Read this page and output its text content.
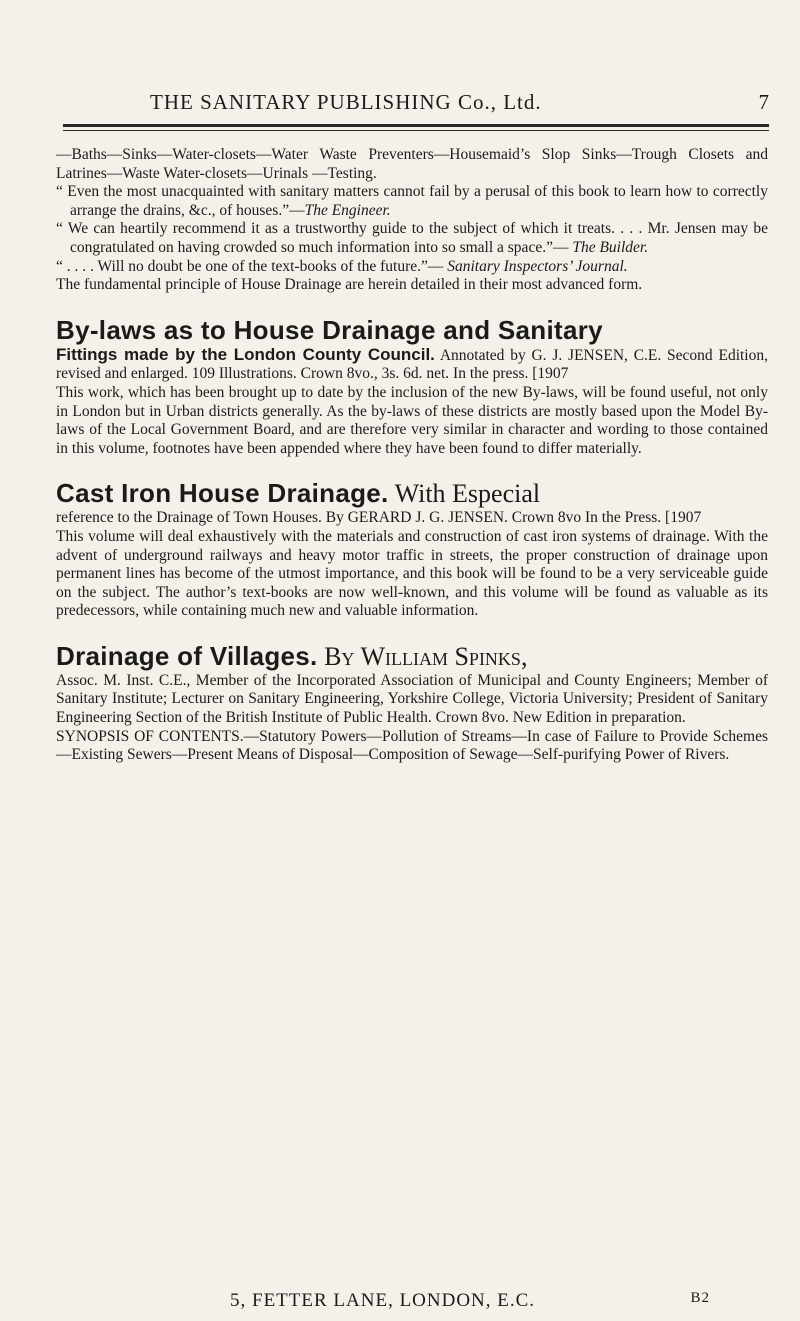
THE SANITARY PUBLISHING Co., Ltd.	7

—Baths—Sinks—Water-closets—Water Waste Preventers—Housemaid’s Slop Sinks—Trough Closets and Latrines—Waste Water-closets—Urinals —Testing.

“ Even the most unacquainted with sanitary matters cannot fail by a perusal of this book to learn how to correctly arrange the drains, &c., of houses.”—The Engineer.

“ We can heartily recommend it as a trustworthy guide to the subject of which it treats. . . . Mr. Jensen may be congratulated on having crowded so much information into so small a space.”— The Builder.

“ . . . . Will no doubt be one of the text-books of the future.”— Sanitary Inspectors’ Journal.

The fundamental principle of House Drainage are herein detailed in their most advanced form.

By-laws as to House Drainage and Sanitary

Fittings made by the London County Council. Annotated by G. J. JENSEN, C.E. Second Edition, revised and enlarged. 109 Illustrations. Crown 8vo., 3s. 6d. net. In the press. [1907

This work, which has been brought up to date by the inclusion of the new By-laws, will be found useful, not only in London but in Urban districts generally. As the by-laws of these districts are mostly based upon the Model By-laws of the Local Government Board, and are therefore very similar in character and wording to those contained in this volume, footnotes have been appended where they have been found to differ materially.

Cast Iron House Drainage. With Especial

reference to the Drainage of Town Houses. By GERARD J. G. JENSEN. Crown 8vo In the Press. [1907

This volume will deal exhaustively with the materials and construction of cast iron systems of drainage. With the advent of underground railways and heavy motor traffic in streets, the proper construction of drainage upon permanent lines has become of the utmost importance, and this book will be found to be a very serviceable guide on the subject. The author’s text-books are now well-known, and this volume will be found as valuable as its predecessors, while containing much new and valuable information.

Drainage of Villages. By William Spinks,

Assoc. M. Inst. C.E., Member of the Incorporated Association of Municipal and County Engineers; Member of Sanitary Institute; Lecturer on Sanitary Engineering, Yorkshire College, Victoria University; President of Sanitary Engineering Section of the British Institute of Public Health. Crown 8vo. New Edition in preparation.

SYNOPSIS OF CONTENTS.—Statutory Powers—Pollution of Streams—In case of Failure to Provide Schemes—Existing Sewers—Present Means of Disposal—Composition of Sewage—Self-purifying Power of Rivers.

5, FETTER LANE, LONDON, E.C.	B2
